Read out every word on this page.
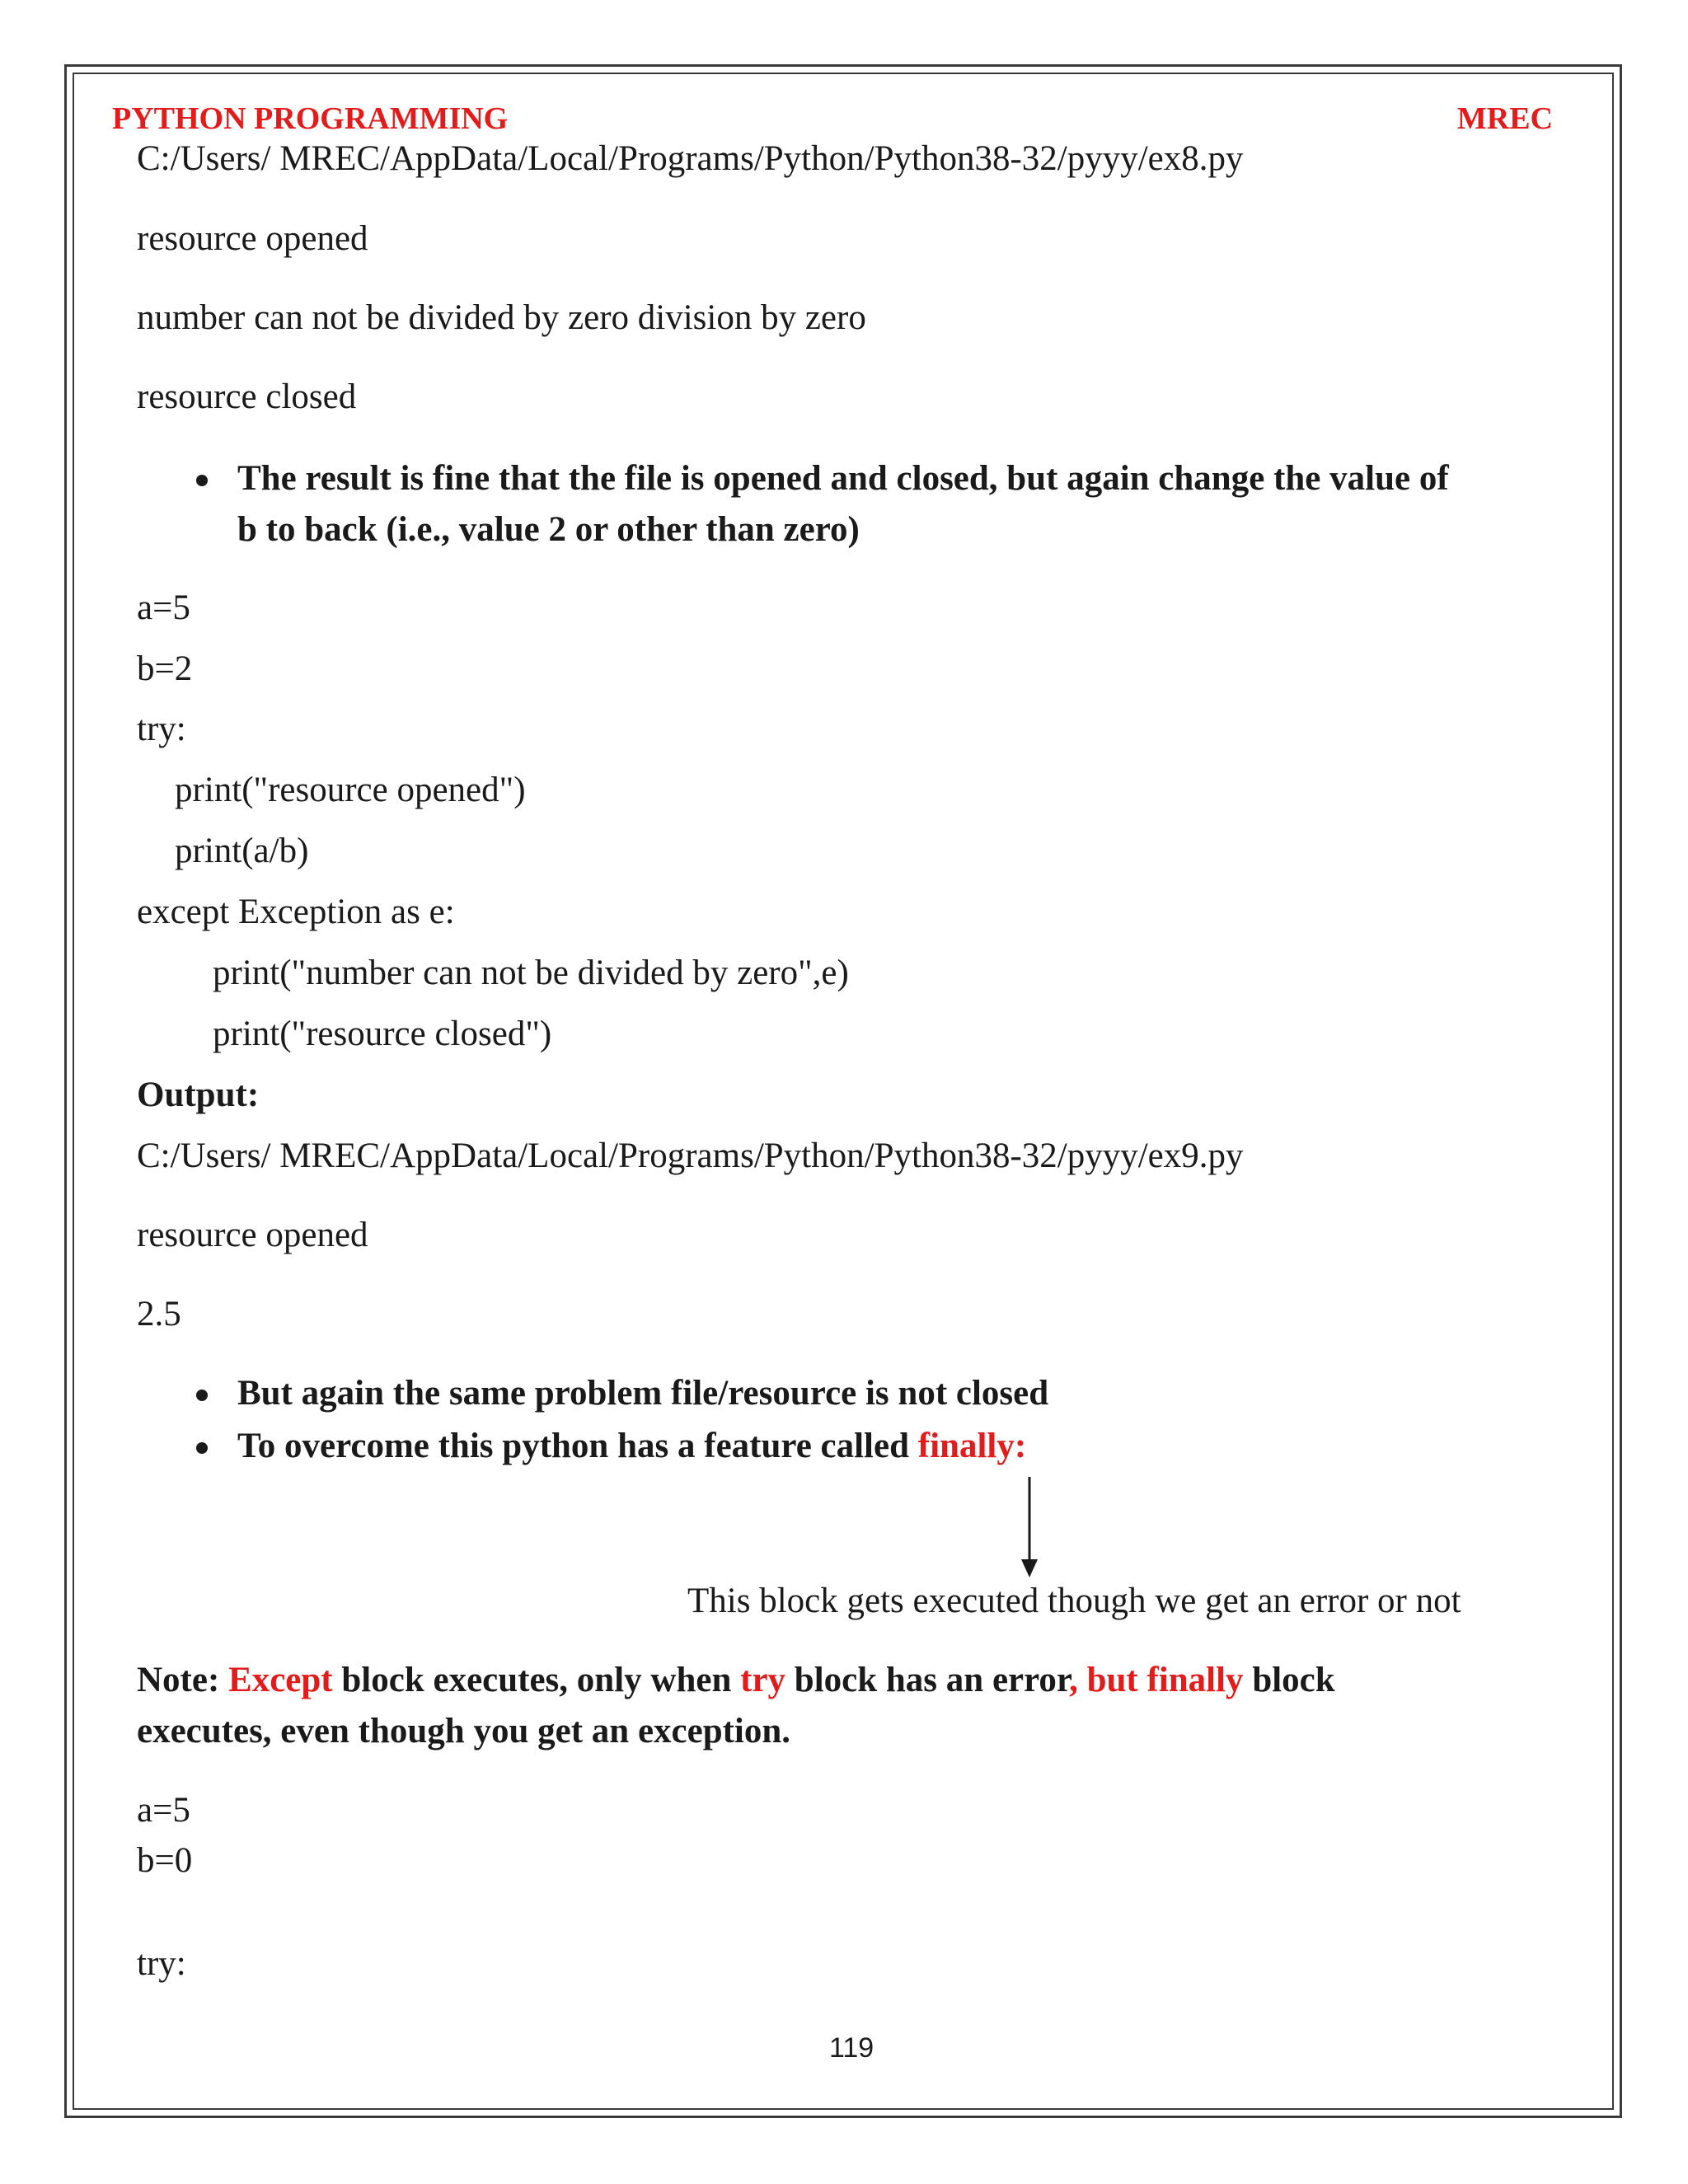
PYTHON PROGRAMMING	MREC
C:/Users/ MREC/AppData/Local/Programs/Python/Python38-32/pyyy/ex8.py
resource opened
number can not be divided by zero division by zero
resource closed
The result is fine that the file is opened and closed, but again change the value of
b to back (i.e., value 2 or other than zero)
a=5
b=2
try:
print("resource opened")
print(a/b)
except Exception as e:
print("number can not be divided by zero",e)
print("resource closed")
Output:
C:/Users/ MREC/AppData/Local/Programs/Python/Python38-32/pyyy/ex9.py
resource opened
2.5
But again the same problem file/resource is not closed
To overcome this python has a feature called finally:
This block gets executed though we get an error or not
Note: Except block executes, only when try block has an error, but finally block
executes, even though you get an exception.
a=5
b=0
try:
119
